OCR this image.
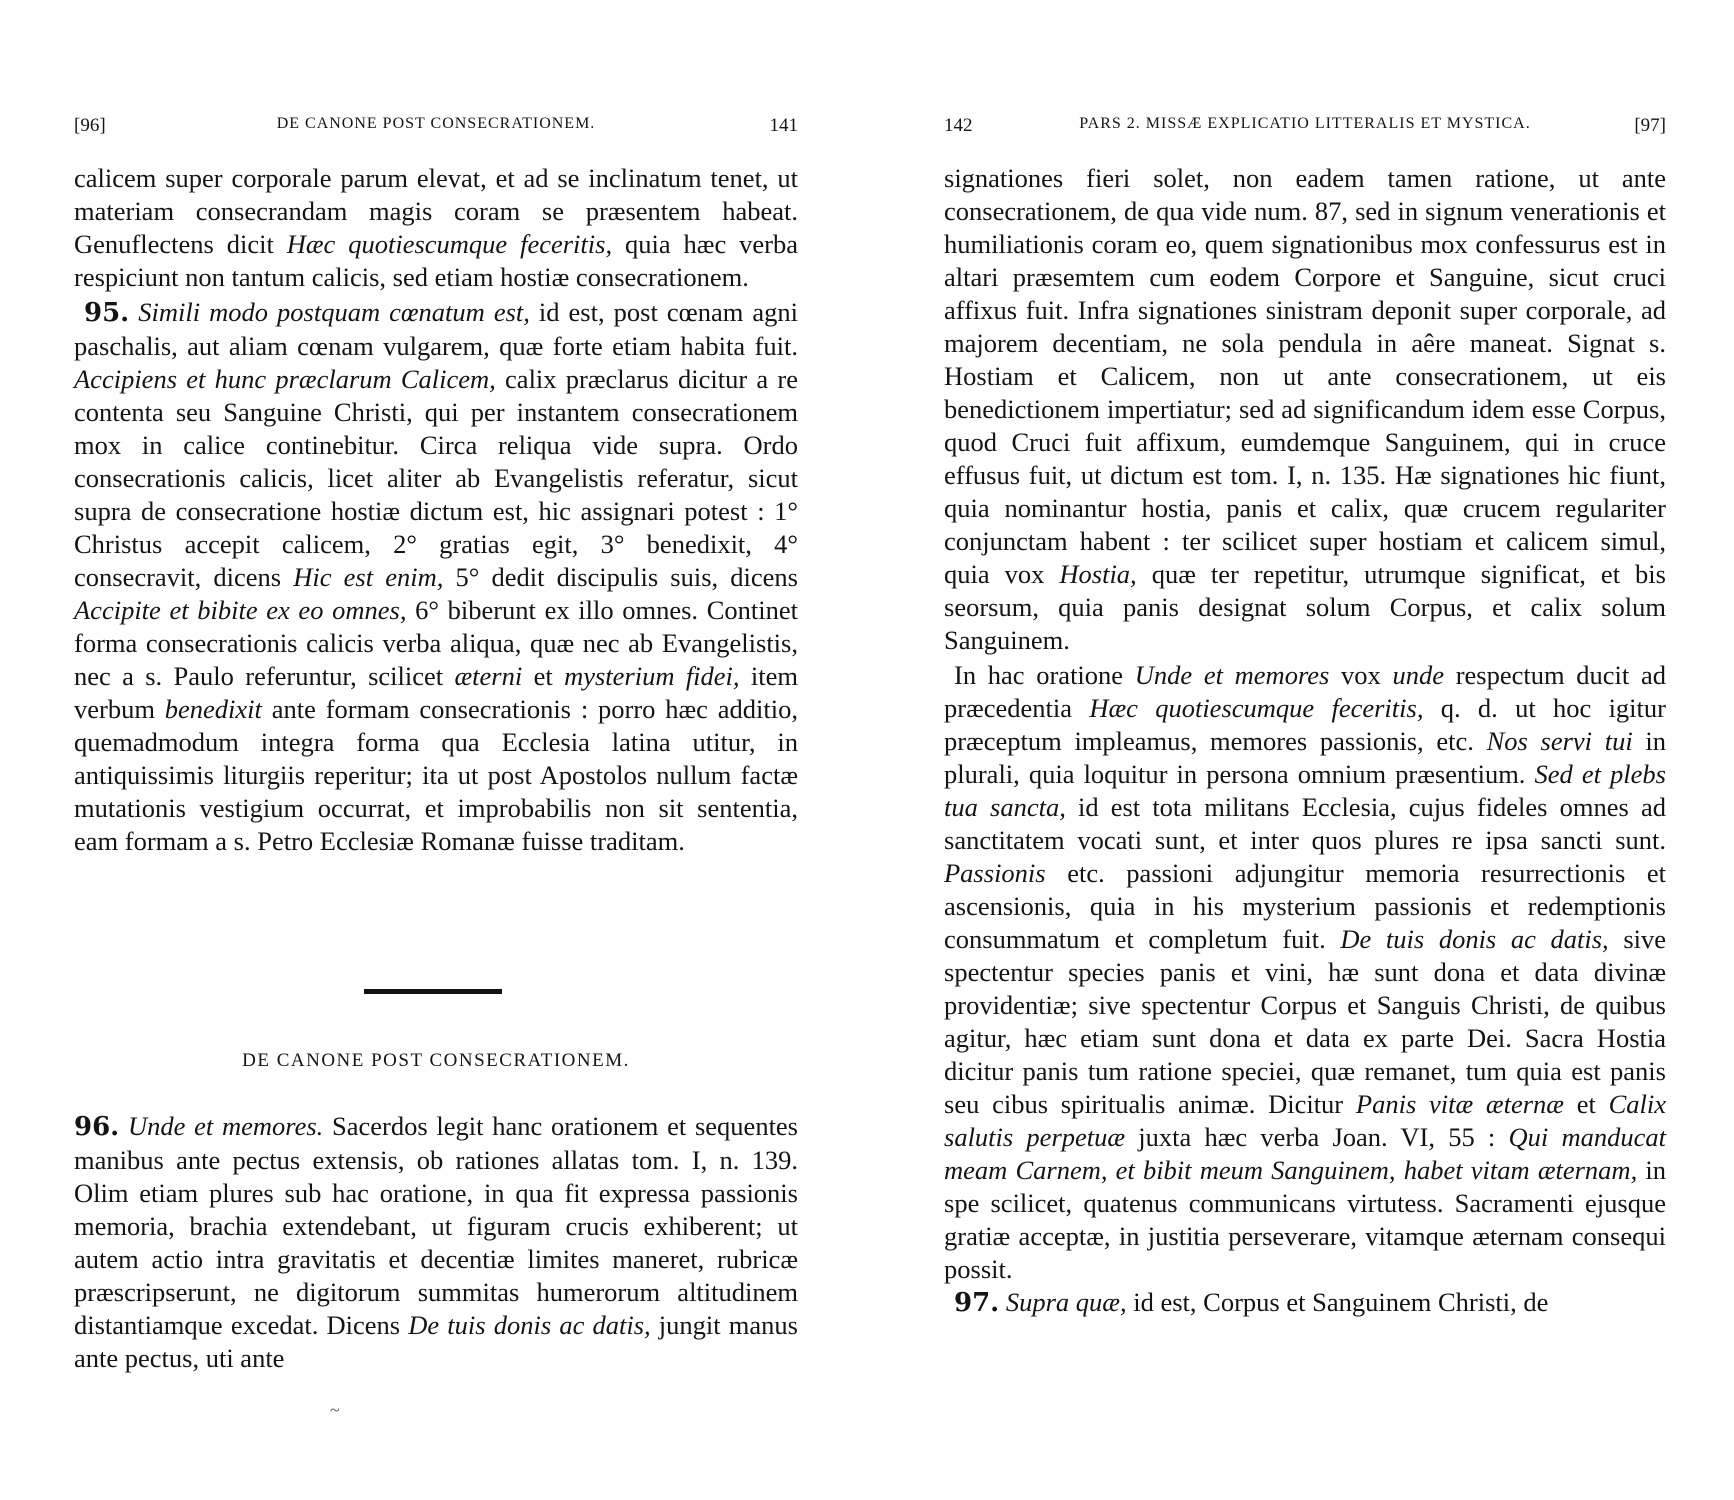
[96]	DE CANONE POST CONSECRATIONEM.	141

calicem super corporale parum elevat, et ad se inclinatum tenet, ut materiam consecrandam magis coram se præsentem habeat. Genuflectens dicit Hæc quotiescumque feceritis, quia hæc verba respiciunt non tantum calicis, sed etiam hostiæ consecrationem.

95. Simili modo postquam cœnatum est, id est, post cœnam agni paschalis, aut aliam cœnam vulgarem, quæ forte etiam habita fuit. Accipiens et hunc præclarum Calicem, calix præclarus dicitur a re contenta seu Sanguine Christi, qui per instantem consecrationem mox in calice continebitur. Circa reliqua vide supra. Ordo consecrationis calicis, licet aliter ab Evangelistis referatur, sicut supra de consecratione hostiæ dictum est, hic assignari potest : 1° Christus accepit calicem, 2° gratias egit, 3° benedixit, 4° consecravit, dicens Hic est enim, 5° dedit discipulis suis, dicens Accipite et bibite ex eo omnes, 6° biberunt ex illo omnes. Continet forma consecrationis calicis verba aliqua, quæ nec ab Evangelistis, nec a s. Paulo referuntur, scilicet æterni et mysterium fidei, item verbum benedixit ante formam consecrationis : porro hæc additio, quemadmodum integra forma qua Ecclesia latina utitur, in antiquissimis liturgiis reperitur; ita ut post Apostolos nullum factæ mutationis vestigium occurrat, et improbabilis non sit sententia, eam formam a s. Petro Ecclesiæ Romanæ fuisse traditam.

DE CANONE POST CONSECRATIONEM.

96. Unde et memores. Sacerdos legit hanc orationem et sequentes manibus ante pectus extensis, ob rationes allatas tom. I, n. 139. Olim etiam plures sub hac oratione, in qua fit expressa passionis memoria, brachia extendebant, ut figuram crucis exhiberent; ut autem actio intra gravitatis et decentiæ limites maneret, rubricæ præscripserunt, ne digitorum summitas humerorum altitudinem distantiamque excedat. Dicens De tuis donis ac datis, jungit manus ante pectus, uti ante

~
142	PARS 2. MISSÆ EXPLICATIO LITTERALIS ET MYSTICA.	[97]

signationes fieri solet, non eadem tamen ratione, ut ante consecrationem, de qua vide num. 87, sed in signum venerationis et humiliationis coram eo, quem signationibus mox confessurus est in altari præsemtem cum eodem Corpore et Sanguine, sicut cruci affixus fuit. Infra signationes sinistram deponit super corporale, ad majorem decentiam, ne sola pendula in aêre maneat. Signat s. Hostiam et Calicem, non ut ante consecrationem, ut eis benedictionem impertiatur; sed ad significandum idem esse Corpus, quod Cruci fuit affixum, eumdemque Sanguinem, qui in cruce effusus fuit, ut dictum est tom. I, n. 135. Hæ signationes hic fiunt, quia nominantur hostia, panis et calix, quæ crucem regulariter conjunctam habent : ter scilicet super hostiam et calicem simul, quia vox Hostia, quæ ter repetitur, utrumque significat, et bis seorsum, quia panis designat solum Corpus, et calix solum Sanguinem.

In hac oratione Unde et memores vox unde respectum ducit ad præcedentia Hæc quotiescumque feceritis, q. d. ut hoc igitur præceptum impleamus, memores passionis, etc. Nos servi tui in plurali, quia loquitur in persona omnium præsentium. Sed et plebs tua sancta, id est tota militans Ecclesia, cujus fideles omnes ad sanctitatem vocati sunt, et inter quos plures re ipsa sancti sunt. Passionis etc. passioni adjungitur memoria resurrectionis et ascensionis, quia in his mysterium passionis et redemptionis consummatum et completum fuit. De tuis donis ac datis, sive spectentur species panis et vini, hæ sunt dona et data divinæ providentiæ; sive spectentur Corpus et Sanguis Christi, de quibus agitur, hæc etiam sunt dona et data ex parte Dei. Sacra Hostia dicitur panis tum ratione speciei, quæ remanet, tum quia est panis seu cibus spiritualis animæ. Dicitur Panis vitæ æternæ et Calix salutis perpetuæ juxta hæc verba Joan. VI, 55 : Qui manducat meam Carnem, et bibit meum Sanguinem, habet vitam æternam, in spe scilicet, quatenus communicans virtutess. Sacramenti ejusque gratiæ acceptæ, in justitia perseverare, vitamque æternam consequi possit.

97. Supra quæ, id est, Corpus et Sanguinem Christi, de
